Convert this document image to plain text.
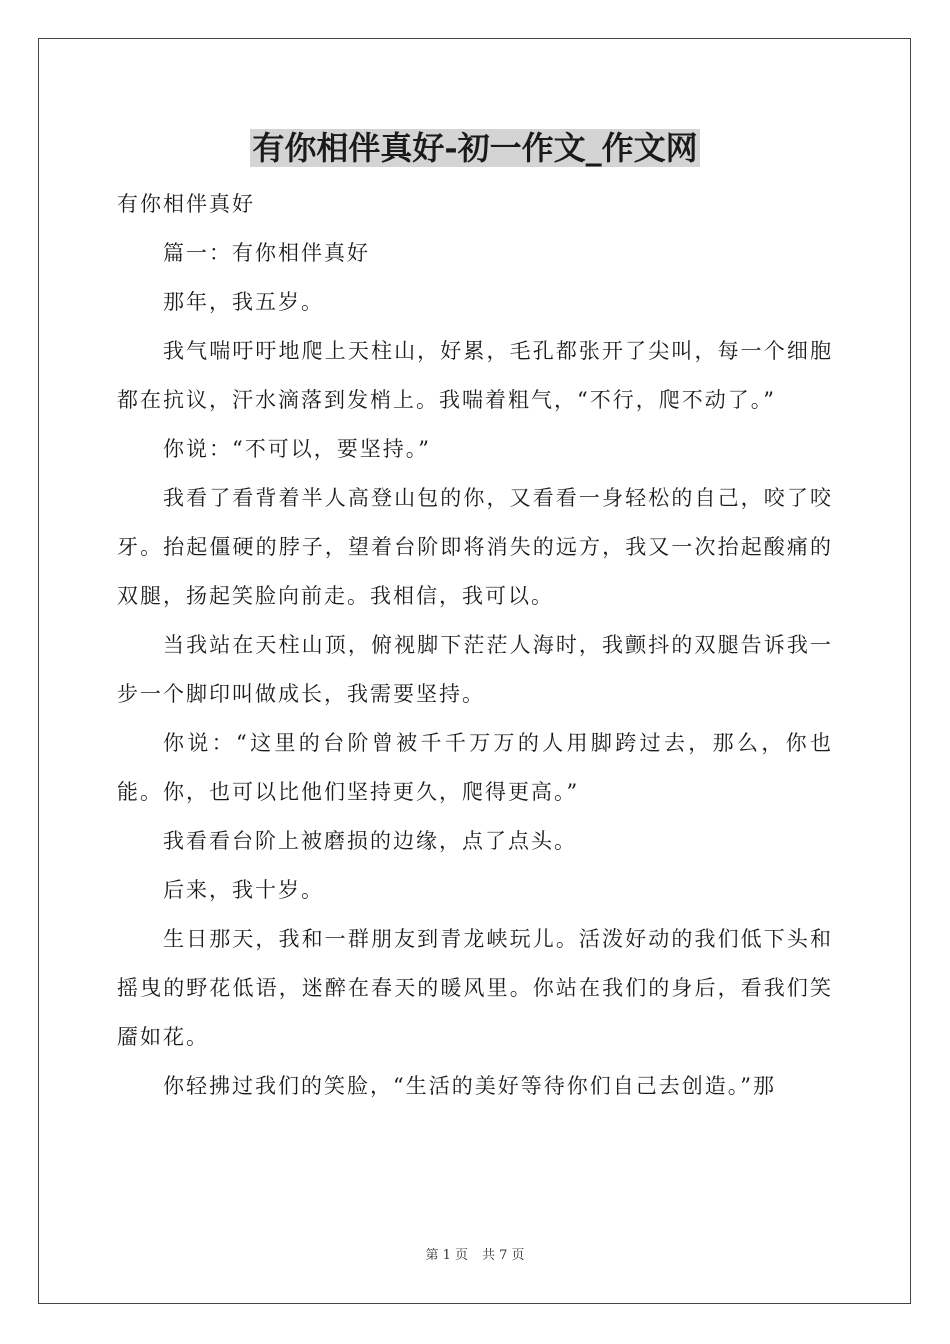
有你相伴真好-初一作文_作文网

有你相伴真好

篇一：有你相伴真好

那年，我五岁。

我气喘吁吁地爬上天柱山，好累，毛孔都张开了尖叫，每一个细胞都在抗议，汗水滴落到发梢上。我喘着粗气，“不行，爬不动了。”

你说：“不可以，要坚持。”

我看了看背着半人高登山包的你，又看看一身轻松的自己，咬了咬牙。抬起僵硬的脖子，望着台阶即将消失的远方，我又一次抬起酸痛的双腿，扬起笑脸向前走。我相信，我可以。

当我站在天柱山顶，俯视脚下茫茫人海时，我颤抖的双腿告诉我一步一个脚印叫做成长，我需要坚持。

你说：“这里的台阶曾被千千万万的人用脚跨过去，那么，你也能。你，也可以比他们坚持更久，爬得更高。”

我看看台阶上被磨损的边缘，点了点头。

后来，我十岁。

生日那天，我和一群朋友到青龙峡玩儿。活泼好动的我们低下头和摇曳的野花低语，迷醉在春天的暖风里。你站在我们的身后，看我们笑靥如花。

你轻拂过我们的笑脸，“生活的美好等待你们自己去创造。”那

第 1 页 共 7 页
